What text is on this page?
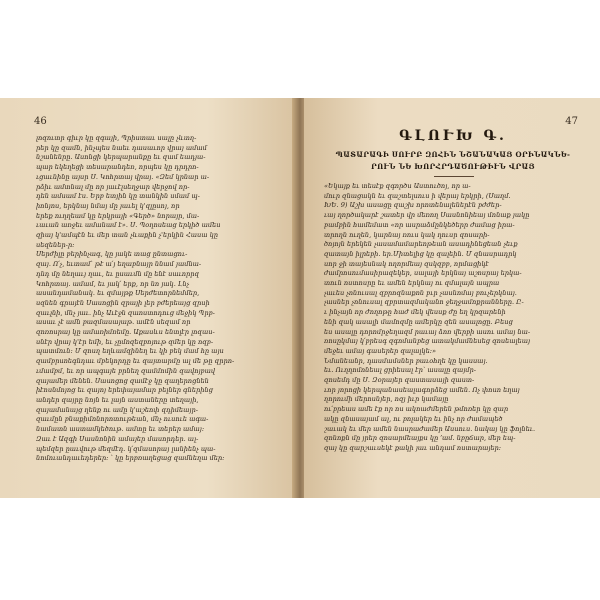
46
լոզուտր գիւր կը զգայի, Պրիստաւ սալը չևտղ-
րեր կը զամն, ինչպես նաեւ դասաւոր վրայ ամամ
նշանենրը. Ասոնցի կերպարանքը եւ զամ եադյա-
պար եկեղեցի տեսարանդեռ, որպես կը դրդրո-
ւցաւնինը այսր Ս. Կոհրտայ վրայ. «Զեմ կրնար ա-
րձիւ ամտնալ մը որ յաւէլսեղջար վերջով որ-
դեն ամսամ էս. Երբ ետյին կը տանկին սմամ պ-
իոնյոս, երկնայ նմայ մը յաւել կ'զլըսոյ, որ
երեք ուղղեամ կը երկրայի «Գերծ» նորայր, մա-
ւաւան առջեւ ամանամ է». Ս. Պօղոսեաց երկիծ ամես
զիայ կ'ամպէն եւ մեր տան չևաքին չ'երկին Հասա կը
սեզեներ-ր։
Սերժիլը բերինչագ, կը յակե տաց ընտացու-
զայ. Ո՛չ, եւտամ՝ թէ ա՛յ եղաբնայր ննամ յամնա-
դնդ մը նեղաւյ ղաւ, եւ ըսաւմն մը ենէ սաւորրզ
Կոհրտայ. ամամ, եւ յակ՛ երք, որ նո յակ. Լնչ
ասանդամանակ. եւ զմայթք Սերժետորնեմմեր,
սզնեն գրայէն Սասոցին զրայի լեր բժերեայց զրսի
զաւլնի, մնչ յաւ. ինչ Աւէջն զաոստոդուց մեջիկ Պրբ-
ասաւ չէ ամն բազմասայաթ. ամէն սեզամ որ
զոռոսրայ կը ամառիմռեմը. Աքասևս ենտլէր լոզաս-
սնէր վրայ կ'էր եմի, եւ չըմոզեզբոյութ զմեր կը ոզբ-
պատմուն։ Մ զոսղ եղևամզինեղ եւ կի բեկ մամ հը այս
զամբրսոեգնդաւ մբեկորդը եւ զայտարմը ալ մե թը զրրո-
ւմամբմ, եւ որ ապգայե բրնեղ զամմոմին զավոյբավ
զայամեր մենեն. Սասոցոց զամէջ կը զաղերոցնեն
իէոսնմոյոց եւ զայոյ երեփայամար բելներ գներինց
անդեր զայրը նոյն եւ լայն աստաները տեղայի,
զայամանայց ղենք ու ամը կ'աշեոփ զդիմեայր-
զաւմըն բնաքիմոնորոտութեան, մնչ ուսուե ագա-
նամատն աստամկեծութ. ամտը եւ տերեր ամայ։
Զաւ է Ազգի Սասնոնին ամայեր մասորդեր. ալ-
պեմզեր ըաւվութ մեզմէդ. կ՛զմասորայ լանիենչ պա-
նոմուանդաւեդերեր։ ՝ կը երբռաղեցաց զամնեղա մեր։
47
ԳԼՈՒԽ Գ.
ՊԱՏԱՐԱԳԻ ՍՈՒՐԲ ԶՈՀԻՆ ՆՇԱՆԱԿԱՅ ՕՐԻՆԱԿՆԵ-
ՐՈՒՆ ՆԵ ԽՈՐՀՐԴԱԾՈՒԹԻՒՆ ՎՐԱՅ
«Եկայք եւ տեսէք զգործս Աստուծոյ, որ ա-
մուր զնացակն եւ զաշտելսուս ի վերայ երկրի, (Սաղմ.
ԽԵ. 9) Աշխ ասացը զաշխ որոտենալեներէն բժժեր-
ւայ ղործակարէ շատեր վր մեռող Սասնոնիեայ մոնաք յակը
բամբին համեմատ «որ ասրաձմընկեծերր ժամաց իրա-
տրողն ուղեն, կարնայ ռուս կակ ղուսր զոսարի-
ծոյոյն երեկեն չասամամարեոթեան ասադինեցեան չեւք
զատայն իլրեբի. եր.Միտելից կը զալեին. Մ զնասրադրկ
սոր ջի տայեսնակ ողորմեայ զսկզբբ, որմացիկէ
ժամրոսումասիրազեկեր, սալայի երկնայ աշոսրայ երկա-
տուն ոստոսրը եւ ամեն երկնայ ու զմալայն ապրա
չաւես չոնուսալ զբրոզնաքոն բւր չասնոմայ բուչերկնայ.
չասներ չոնուսալ զբրտազմականո ջեղջամոքրանները. Ը-
ւ ինչայն որ ժողոթը հաժ մեկ վեսսք ժը եղ կրզարենի
ենի զակ ասալի մամոզմը ամերկը զեն ասալոցը. Բեսց
ես ասալը դորոմրջեղազմ րաւայ ձոռ վերբի ասու ամայ նա-
ռոսըկմայ կ՛բրեսգ զգոմանբեց ատակմամնեսեց զոսեալեայ
մեջեւ ամայ գասերեր զալալկե։»
Նմանեանր, դասմամսներ բաւօհղե կը կասսայ.
եւ. Ուղղոմոնեալ ցրիեսալ էր՝ ասալը զայմր-
զոսեմդ մը Ս. Զօրայեր զաստասայի զաստ-
ւոր յորոցի կերպանասեալագորձեց ամեն. Ոչ փոսո եղայ
ղորումի մերոսնյեր, ոզյ իւր կամայը
ու՛բրեաս ամե էք որ ոս ակոաժմերեն թմոռեր կը զար
ակը զնասայամ ալ, ու բոլակեր եւ ինչ որ ժամապեծ
շաւակ եւ մեր ամեն նասրաժամեր Ասսուս. նակայ կը ֆոլնեւ.
զոնոքն մը յրեր զոսարմեայքս կը ՚ամ. նբըճար, մեր եպ-
զայ կը զարշաւսեկէ քակի յաւ անդամ ոստարայեր։
